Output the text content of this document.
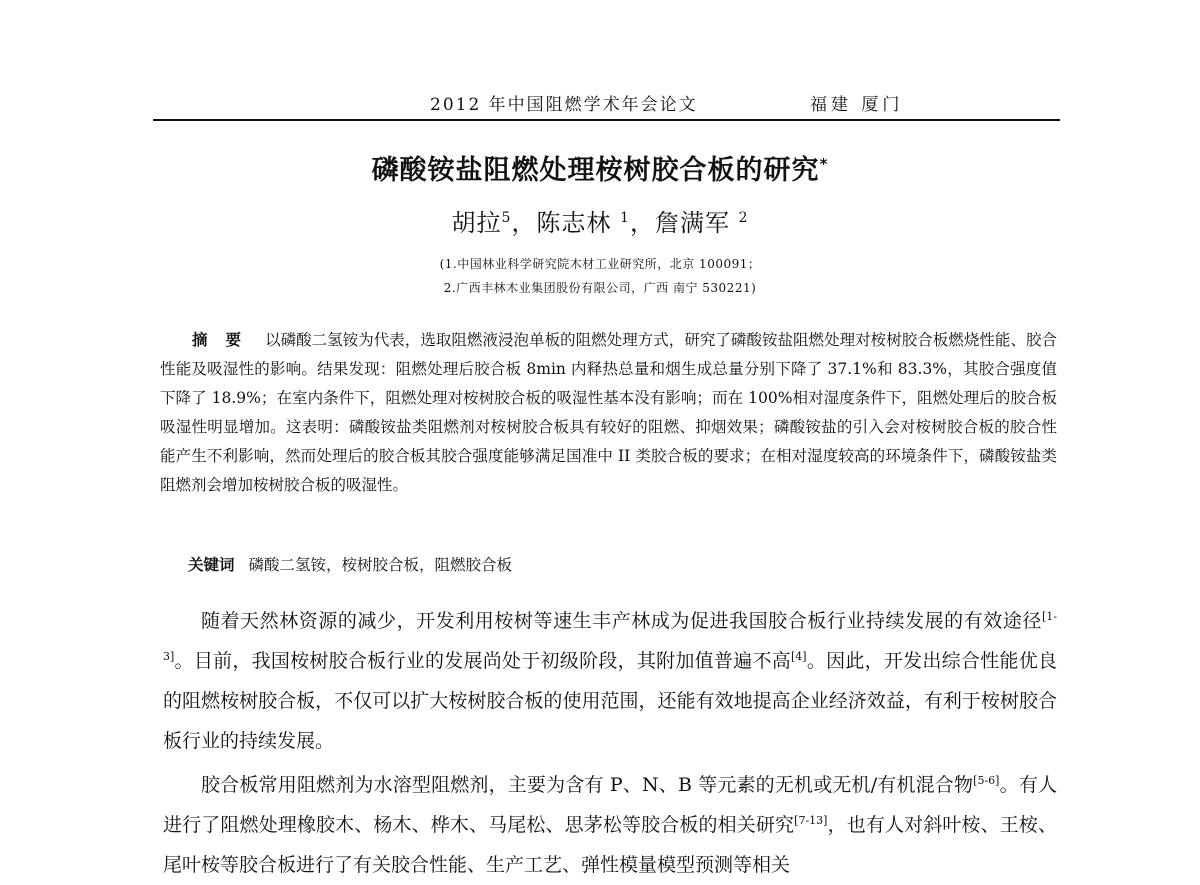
2012 年中国阻燃学术年会论文	福建 厦门
磷酸铵盐阻燃处理桉树胶合板的研究*
胡拉$^5$，陈志林 $^1$，詹满军 $^2$
(1.中国林业科学研究院木材工业研究所，北京 100091；
2.广西丰林木业集团股份有限公司，广西 南宁 530221)
摘要 以磷酸二氢铵为代表，选取阻燃液浸泡单板的阻燃处理方式，研究了磷酸铵盐阻燃处理对桉树胶合板燃烧性能、胶合性能及吸湿性的影响。结果发现：阻燃处理后胶合板 8min 内释热总量和烟生成总量分别下降了 37.1%和 83.3%，其胶合强度值下降了 18.9%；在室内条件下，阻燃处理对桉树胶合板的吸湿性基本没有影响；而在 100%相对湿度条件下，阻燃处理后的胶合板吸湿性明显增加。这表明：磷酸铵盐类阻燃剂对桉树胶合板具有较好的阻燃、抑烟效果；磷酸铵盐的引入会对桉树胶合板的胶合性能产生不利影响，然而处理后的胶合板其胶合强度能够满足国准中 II 类胶合板的要求；在相对湿度较高的环境条件下，磷酸铵盐类阻燃剂会增加桉树胶合板的吸湿性。
关键词 磷酸二氢铵，桉树胶合板，阻燃胶合板

随着天然林资源的减少，开发利用桉树等速生丰产林成为促进我国胶合板行业持续发展的有效途径[1-3]。目前，我国桉树胶合板行业的发展尚处于初级阶段，其附加值普遍不高[4]。因此，开发出综合性能优良的阻燃桉树胶合板，不仅可以扩大桉树胶合板的使用范围，还能有效地提高企业经济效益，有利于桉树胶合板行业的持续发展。

胶合板常用阻燃剂为水溶型阻燃剂，主要为含有 P、N、B 等元素的无机或无机/有机混合物[5-6]。有人进行了阻燃处理橡胶木、杨木、桦木、马尾松、思茅松等胶合板的相关研究[7-13]，也有人对斜叶桉、王桉、尾叶桉等胶合板进行了有关胶合性能、生产工艺、弹性模量模型预测等相关
